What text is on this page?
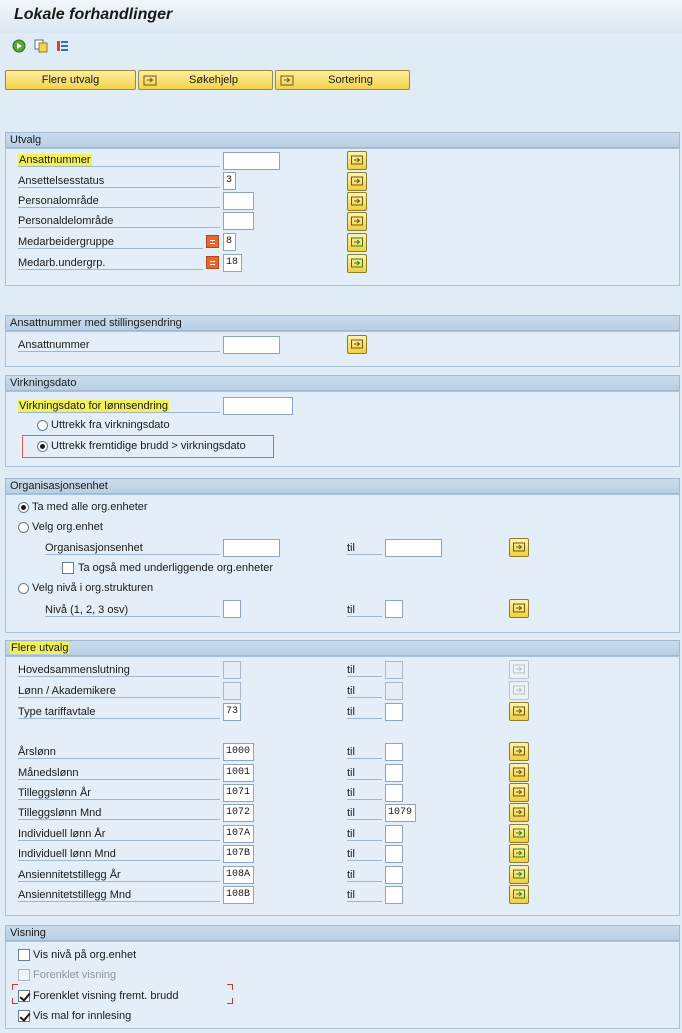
Lokale forhandlinger
Flere utvalg	Søkehjelp	Sortering
Utvalg
Ansattnummer
Ansettelsesstatus	3
Personalområde
Personaldelområde
Medarbeidergruppe	8
Medarb.undergrp.	18
Ansattnummer med stillingsendring
Ansattnummer
Virkningsdato
Virkningsdato for lønnsendring
Uttrekk fra virkningsdato
Uttrekk fremtidige brudd > virkningsdato
Organisasjonsenhet
Ta med alle org.enheter
Velg org.enhet
Organisasjonsenhet	til
Ta også med underliggende org.enheter
Velg nivå i org.strukturen
Nivå (1, 2, 3 osv)	til
Flere utvalg
Hovedsammenslutning	til
Lønn / Akademikere	til
Type tariffavtale	73	til
Årslønn	1000	til
Månedslønn	1001	til
Tilleggslønn År	1071	til
Tilleggslønn Mnd	1072	til	1079
Individuell lønn År	107A	til
Individuell lønn Mnd	107B	til
Ansiennitetstillegg År	108A	til
Ansiennitetstillegg Mnd	108B	til
Visning
Vis nivå på org.enhet
Forenklet visning
Forenklet visning fremt. brudd
Vis mal for innlesing
